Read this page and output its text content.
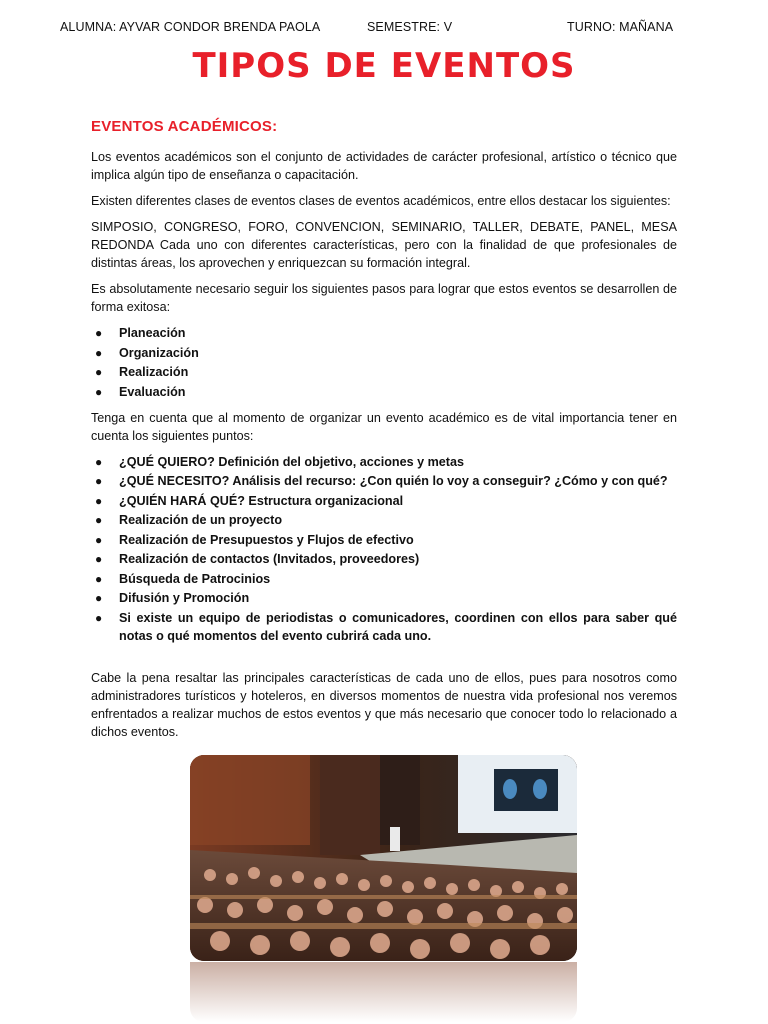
ALUMNA: AYVAR CONDOR BRENDA PAOLA	SEMESTRE: V	TURNO: MAÑANA
TIPOS DE EVENTOS
EVENTOS ACADÉMICOS:

Los eventos académicos son el conjunto de actividades de carácter profesional, artístico o técnico que implica algún tipo de enseñanza o capacitación.

Existen diferentes clases de eventos clases de eventos académicos, entre ellos destacar los siguientes:

SIMPOSIO, CONGRESO, FORO, CONVENCION, SEMINARIO, TALLER, DEBATE, PANEL, MESA REDONDA Cada uno con diferentes características, pero con la finalidad de que profesionales de distintas áreas, los aprovechen y enriquezcan su formación integral.

Es absolutamente necesario seguir los siguientes pasos para lograr que estos eventos se desarrollen de forma exitosa:

● Planeación
● Organización
● Realización
● Evaluación

Tenga en cuenta que al momento de organizar un evento académico es de vital importancia tener en cuenta los siguientes puntos:

● ¿QUÉ QUIERO? Definición del objetivo, acciones y metas
● ¿QUÉ NECESITO? Análisis del recurso: ¿Con quién lo voy a conseguir? ¿Cómo y con qué?
● ¿QUIÉN HARÁ QUÉ? Estructura organizacional
● Realización de un proyecto
● Realización de Presupuestos y Flujos de efectivo
● Realización de contactos (Invitados, proveedores)
● Búsqueda de Patrocinios
● Difusión y Promoción
● Si existe un equipo de periodistas o comunicadores, coordinen con ellos para saber qué notas o qué momentos del evento cubrirá cada uno.

Cabe la pena resaltar las principales características de cada uno de ellos, pues para nosotros como administradores turísticos y hoteleros, en diversos momentos de nuestra vida profesional nos veremos enfrentados a realizar muchos de estos eventos y que más necesario que conocer todo lo relacionado a dichos eventos.
